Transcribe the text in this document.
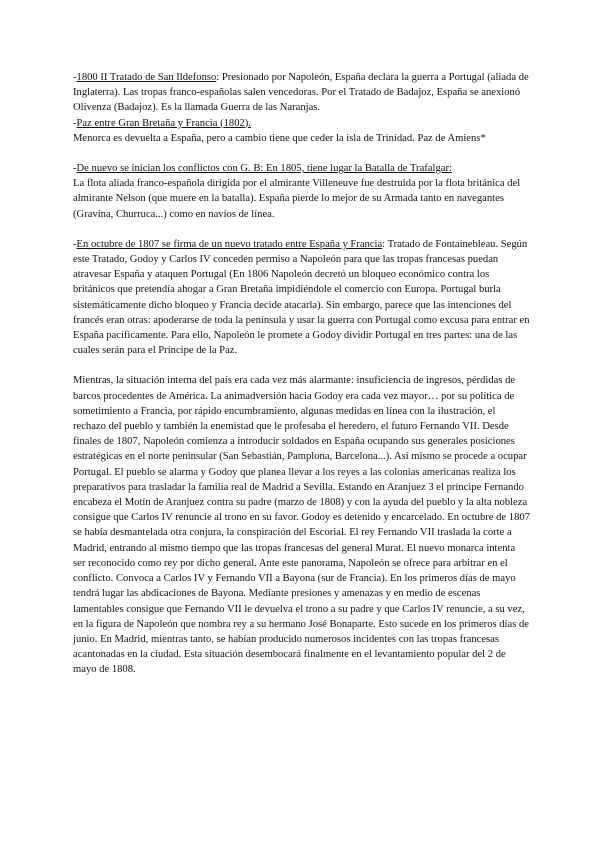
-1800 II Tratado de San Ildefonso: Presionado por Napoleón, España declara la guerra a Portugal (aliada de Inglaterra). Las tropas franco-españolas salen vencedoras. Por el Tratado de Badajoz, España se anexionó Olivenza (Badajoz). Es la llamada Guerra de las Naranjas.

-Paz entre Gran Bretaña y Francia (1802).
Menorca es devuelta a España, pero a cambio tiene que ceder la isla de Trinidad. Paz de Amiens*

-De nuevo se inician los conflictos con G. B: En 1805, tiene lugar la Batalla de Trafalgar:
La flota aliada franco-española dirigida por el almirante Villeneuve fue destruida por la flota británica del almirante Nelson (que muere en la batalla). España pierde lo mejor de su Armada tanto en navegantes (Gravina, Churruca...) como en navíos de línea.

-En octubre de 1807 se firma de un nuevo tratado entre España y Francia: Tratado de Fontainebleau. Según este Tratado, Godoy y Carlos IV conceden permiso a Napoleón para que las tropas francesas puedan atravesar España y ataquen Portugal (En 1806 Napoleón decretó un bloqueo económico contra los británicos que pretendía ahogar a Gran Bretaña impidiéndole el comercio con Europa. Portugal burla sistemáticamente dicho bloqueo y Francia decide atacarla). Sin embargo, parece que las intenciones del francés eran otras: apoderarse de toda la península y usar la guerra con Portugal como excusa para entrar en España pacíficamente. Para ello, Napoleón le promete a Godoy dividir Portugal en tres partes: una de las cuales serán para el Príncipe de la Paz.

Mientras, la situación interna del país era cada vez más alarmante: insuficiencia de ingresos, pérdidas de barcos procedentes de América. La animadversión hacia Godoy era cada vez mayor… por su política de sometimiento a Francia, por rápido encumbramiento, algunas medidas en línea con la ilustración, el rechazo del pueblo y también la enemistad que le profesaba el heredero, el futuro Fernando VII. Desde finales de 1807, Napoleón comienza a introducir soldados en España ocupando sus generales posiciones estratégicas en el norte peninsular (San Sebastián, Pamplona, Barcelona...). Así mismo se procede a ocupar Portugal. El pueblo se alarma y Godoy que planea llevar a los reyes a las colonias americanas realiza los preparativos para trasladar la familia real de Madrid a Sevilla. Estando en Aranjuez 3 el príncipe Fernando encabeza el Motín de Aranjuez contra su padre (marzo de 1808) y con la ayuda del pueblo y la alta nobleza consigue que Carlos IV renuncie al trono en su favor. Godoy es detenido y encarcelado. En octubre de 1807 se había desmantelada otra conjura, la conspiración del Escorial. El rey Fernando VII traslada la corte a Madrid, entrando al mismo tiempo que las tropas francesas del general Murat. El nuevo monarca intenta ser reconocido como rey por dicho general. Ante este panorama, Napoleón se ofrece para arbitrar en el conflicto. Convoca a Carlos IV y Fernando VII a Bayona (sur de Francia). En los primeros días de mayo tendrá lugar las abdicaciones de Bayona. Mediante presiones y amenazas y en medio de escenas lamentables consigue que Fernando VII le devuelva el trono a su padre y que Carlos IV renuncie, a su vez, en la figura de Napoleón que nombra rey a su hermano José Bonaparte. Esto sucede en los primeros días de junio. En Madrid, mientras tanto, se habían producido numerosos incidentes con las tropas francesas acantonadas en la ciudad. Esta situación desembocará finalmente en el levantamiento popular del 2 de mayo de 1808.
